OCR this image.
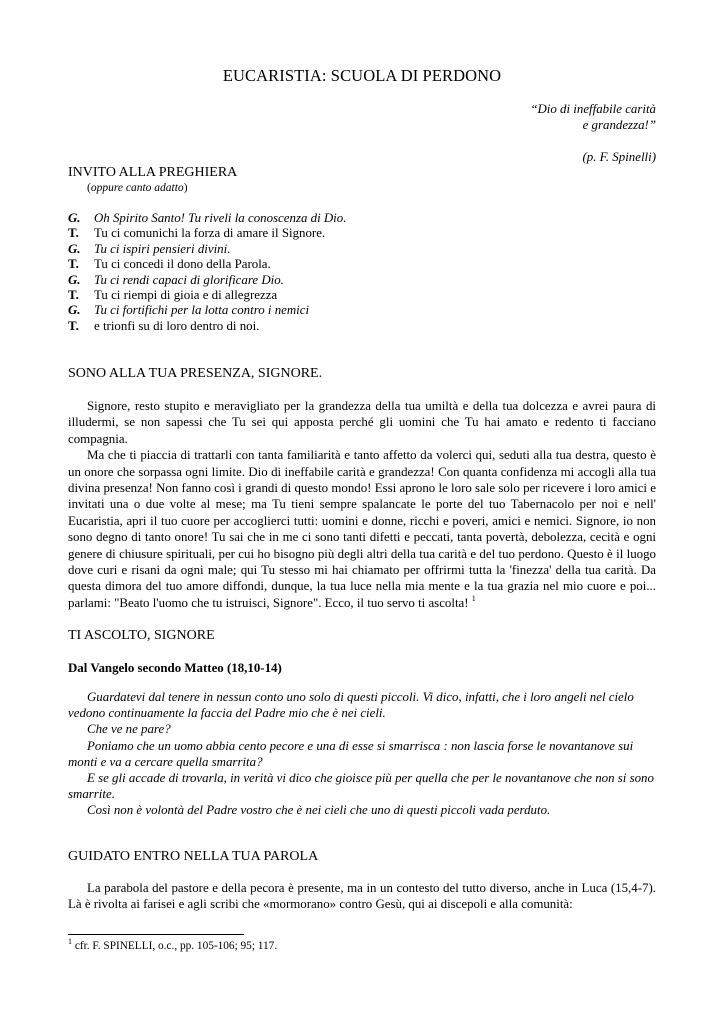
EUCARISTIA: SCUOLA DI PERDONO
“Dio di ineffabile carità
e grandezza!”
(p. F. Spinelli)
INVITO ALLA PREGHIERA
(oppure canto adatto)
G.	Oh Spirito Santo! Tu riveli la conoscenza di Dio.
T.	Tu ci comunichi la forza di amare il Signore.
G.	Tu ci ispiri pensieri divini.
T.	Tu ci concedi il dono della Parola.
G.	Tu ci rendi capaci di glorificare Dio.
T.	Tu ci riempi di gioia e di allegrezza
G.	Tu ci fortifichi per la lotta contro i nemici
T.	e trionfi su di loro dentro di noi.
SONO ALLA TUA PRESENZA, SIGNORE.

Signore, resto stupito e meravigliato per la grandezza della tua umiltà e della tua dolcezza e avrei paura di illudermi, se non sapessi che Tu sei qui apposta perché gli uomini che Tu hai amato e redento ti facciano compagnia.

Ma che ti piaccia di trattarli con tanta familiarità e tanto affetto da volerci qui, seduti alla tua destra, questo è un onore che sorpassa ogni limite. Dio di ineffabile carità e grandezza! Con quanta confidenza mi accogli alla tua divina presenza! Non fanno così i grandi di questo mondo! Essi aprono le loro sale solo per ricevere i loro amici e invitati una o due volte al mese; ma Tu tieni sempre spalancate le porte del tuo Tabernacolo per noi e nell' Eucaristia, apri il tuo cuore per accoglierci tutti: uomini e donne, ricchi e poveri, amici e nemici. Signore, io non sono degno di tanto onore! Tu sai che in me ci sono tanti difetti e peccati, tanta povertà, debolezza, cecità e ogni genere di chiusure spirituali, per cui ho bisogno più degli altri della tua carità e del tuo perdono. Questo è il luogo dove curi e risani da ogni male; qui Tu stesso mi hai chiamato per offrirmi tutta la 'finezza' della tua carità. Da questa dimora del tuo amore diffondi, dunque, la tua luce nella mia mente e la tua grazia nel mio cuore e poi... parlami: "Beato l'uomo che tu istruisci, Signore". Ecco, il tuo servo ti ascolta! $^1$

TI ASCOLTO, SIGNORE
Dal Vangelo secondo Matteo (18,10-14)

Guardatevi dal tenere in nessun conto uno solo di questi piccoli. Vi dico, infatti, che i loro angeli nel cielo vedono continuamente la faccia del Padre mio che è nei cieli.

Che ve ne pare?

Poniamo che un uomo abbia cento pecore e una di esse si smarrisca : non lascia forse le novantanove sui monti e va a cercare quella smarrita?

E se gli accade di trovarla, in verità vi dico che gioisce più per quella che per le novantanove che non si sono smarrite.

Così non è volontà del Padre vostro che è nei cieli che uno di questi piccoli vada perduto.

GUIDATO ENTRO NELLA TUA PAROLA

La parabola del pastore e della pecora è presente, ma in un contesto del tutto diverso, anche in Luca (15,4-7). Là è rivolta ai farisei e agli scribi che «mormorano» contro Gesù, qui ai discepoli e alla comunità:

$^1$ cfr. F. SPINELLI, o.c., pp. 105-106; 95; 117.
